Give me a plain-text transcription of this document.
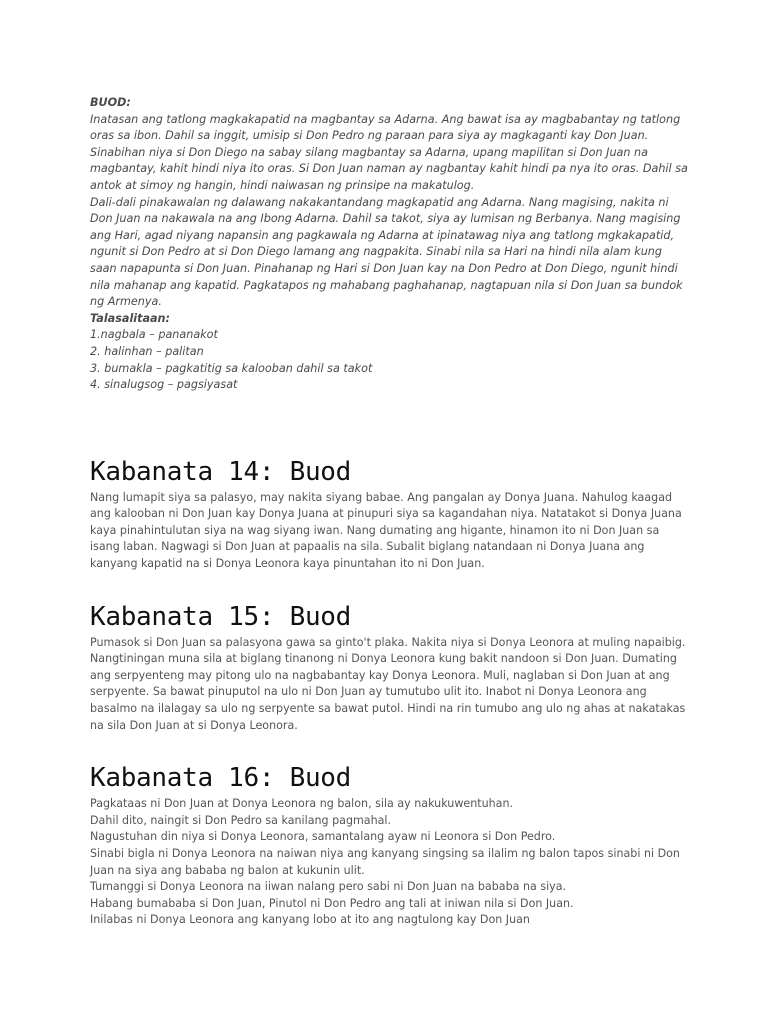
BUOD:

Inatasan ang tatlong magkakapatid na magbantay sa Adarna. Ang bawat isa ay magbabantay ng tatlong oras sa ibon. Dahil sa inggit, umisip si Don Pedro ng paraan para siya ay magkaganti kay Don Juan. Sinabihan niya si Don Diego na sabay silang magbantay sa Adarna, upang mapilitan si Don Juan na magbantay, kahit hindi niya ito oras. Si Don Juan naman ay nagbantay kahit hindi pa nya ito oras. Dahil sa antok at simoy ng hangin, hindi naiwasan ng prinsipe na makatulog.

Dali-dali pinakawalan ng dalawang nakakantandang magkapatid ang Adarna. Nang magising, nakita ni Don Juan na nakawala na ang Ibong Adarna. Dahil sa takot, siya ay lumisan ng Berbanya. Nang magising ang Hari, agad niyang napansin ang pagkawala ng Adarna at ipinatawag niya ang tatlong mgkakapatid, ngunit si Don Pedro at si Don Diego lamang ang nagpakita. Sinabi nila sa Hari na hindi nila alam kung saan napapunta si Don Juan. Pinahanap ng Hari si Don Juan kay na Don Pedro at Don Diego, ngunit hindi nila mahanap ang kapatid. Pagkatapos ng mahabang paghahanap, nagtapuan nila si Don Juan sa bundok ng Armenya.

Talasalitaan:

1.nagbala – pananakot
2. halinhan – palitan
3. bumakla – pagkatitig sa kalooban dahil sa takot
4. sinalugsog – pagsiyasat
Kabanata 14: Buod

Nang lumapit siya sa palasyo, may nakita siyang babae. Ang pangalan ay Donya Juana. Nahulog kaagad ang kalooban ni Don Juan kay Donya Juana at pinupuri siya sa kagandahan niya. Natatakot si Donya Juana kaya pinahintulutan siya na wag siyang iwan. Nang dumating ang higante, hinamon ito ni Don Juan sa isang laban. Nagwagi si Don Juan at papaalis na sila. Subalit biglang natandaan ni Donya Juana ang kanyang kapatid na si Donya Leonora kaya pinuntahan ito ni Don Juan.

Kabanata 15: Buod

Pumasok si Don Juan sa palasyona gawa sa ginto't plaka. Nakita niya si Donya Leonora at muling napaibig. Nangtiningan muna sila at biglang tinanong ni Donya Leonora kung bakit nandoon si Don Juan. Dumating ang serpyenteng may pitong ulo na nagbabantay kay Donya Leonora. Muli, naglaban si Don Juan at ang serpyente. Sa bawat pinuputol na ulo ni Don Juan ay tumutubo ulit ito. Inabot ni Donya Leonora ang basalmo na ilalagay sa ulo ng serpyente sa bawat putol. Hindi na rin tumubo ang ulo ng ahas at nakatakas na sila Don Juan at si Donya Leonora.

Kabanata 16: Buod

Pagkataas ni Don Juan at Donya Leonora ng balon, sila ay nakukuwentuhan.

Dahil dito, naingit si Don Pedro sa kanilang pagmahal.

Nagustuhan din niya si Donya Leonora, samantalang ayaw ni Leonora si Don Pedro.

Sinabi bigla ni Donya Leonora na naiwan niya ang kanyang singsing sa ilalim ng balon tapos sinabi ni Don Juan na siya ang bababa ng balon at kukunin ulit.

Tumanggi si Donya Leonora na iiwan nalang pero sabi ni Don Juan na bababa na siya.

Habang bumababa si Don Juan, Pinutol ni Don Pedro ang tali at iniwan nila si Don Juan.

Inilabas ni Donya Leonora ang kanyang lobo at ito ang nagtulong kay Don Juan
